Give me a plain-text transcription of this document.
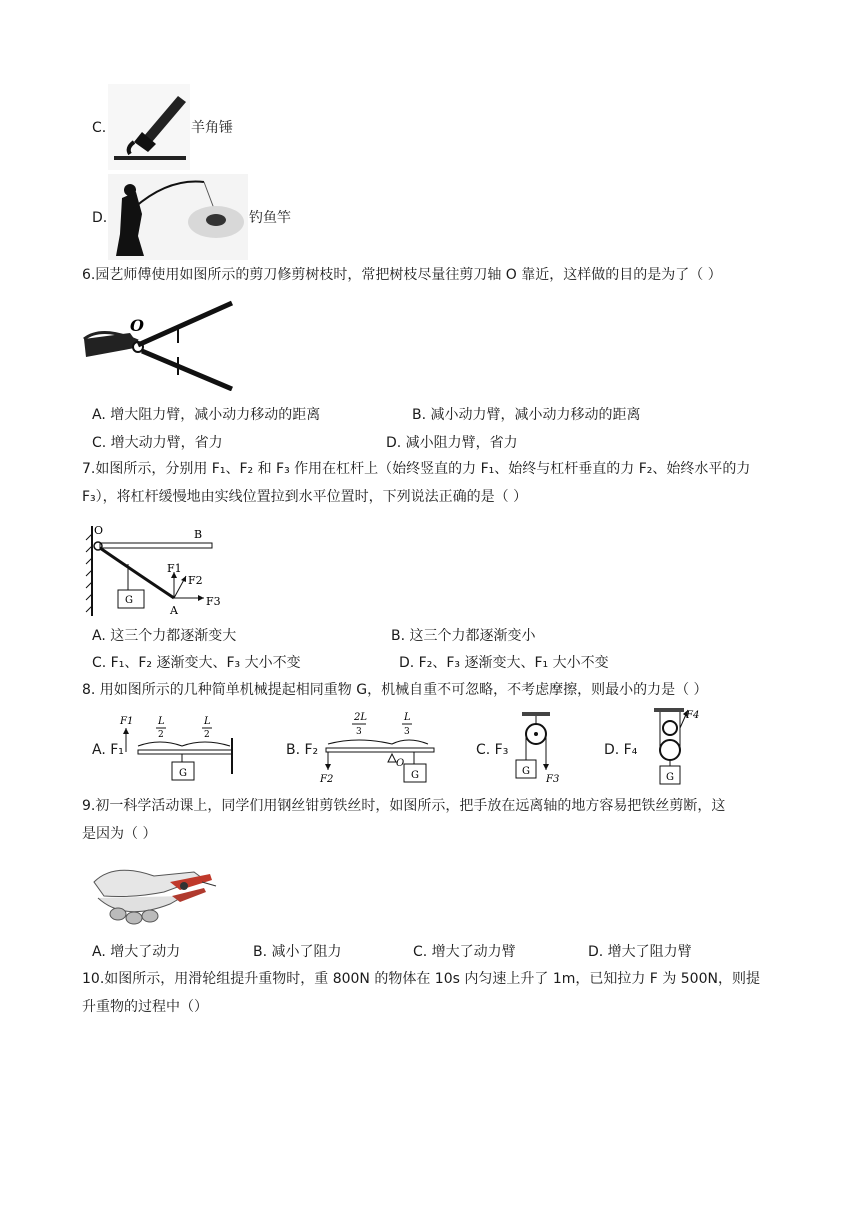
C.	羊角锤
D.	钓鱼竿
6.园艺师傅使用如图所示的剪刀修剪树枝时，常把树枝尽量往剪刀轴 O 靠近，这样做的目的是为了（ ）
O
A. 增大阻力臂，减小动力移动的距离	B. 减小动力臂，减小动力移动的距离
C. 增大动力臂，省力	D. 减小阻力臂，省力
7.如图所示，分别用 F₁、F₂ 和 F₃ 作用在杠杆上（始终竖直的力 F₁、始终与杠杆垂直的力 F₂、始终水平的力
F₃），将杠杆缓慢地由实线位置拉到水平位置时，下列说法正确的是（ ）
O	B
A
G
F1
F2
F3
A. 这三个力都逐渐变大	B. 这三个力都逐渐变小
C. F₁、F₂ 逐渐变大、F₃ 大小不变	D. F₂、F₃ 逐渐变大、F₁ 大小不变
8. 用如图所示的几种简单机械提起相同重物 G，机械自重不可忽略，不考虑摩擦，则最小的力是（ ）
A. F₁
F1 L
2
L
2
G
B. F₂
F2
2L
3
L
3
O
G
C. F₃
G
F3
D. F₄
G
F4
9.初一科学活动课上，同学们用钢丝钳剪铁丝时，如图所示，把手放在远离轴的地方容易把铁丝剪断，这
是因为（ ）
A. 增大了动力	B. 减小了阻力	C. 增大了动力臂	D. 增大了阻力臂
10.如图所示，用滑轮组提升重物时，重 800N 的物体在 10s 内匀速上升了 1m，已知拉力 F 为 500N，则提
升重物的过程中（）
